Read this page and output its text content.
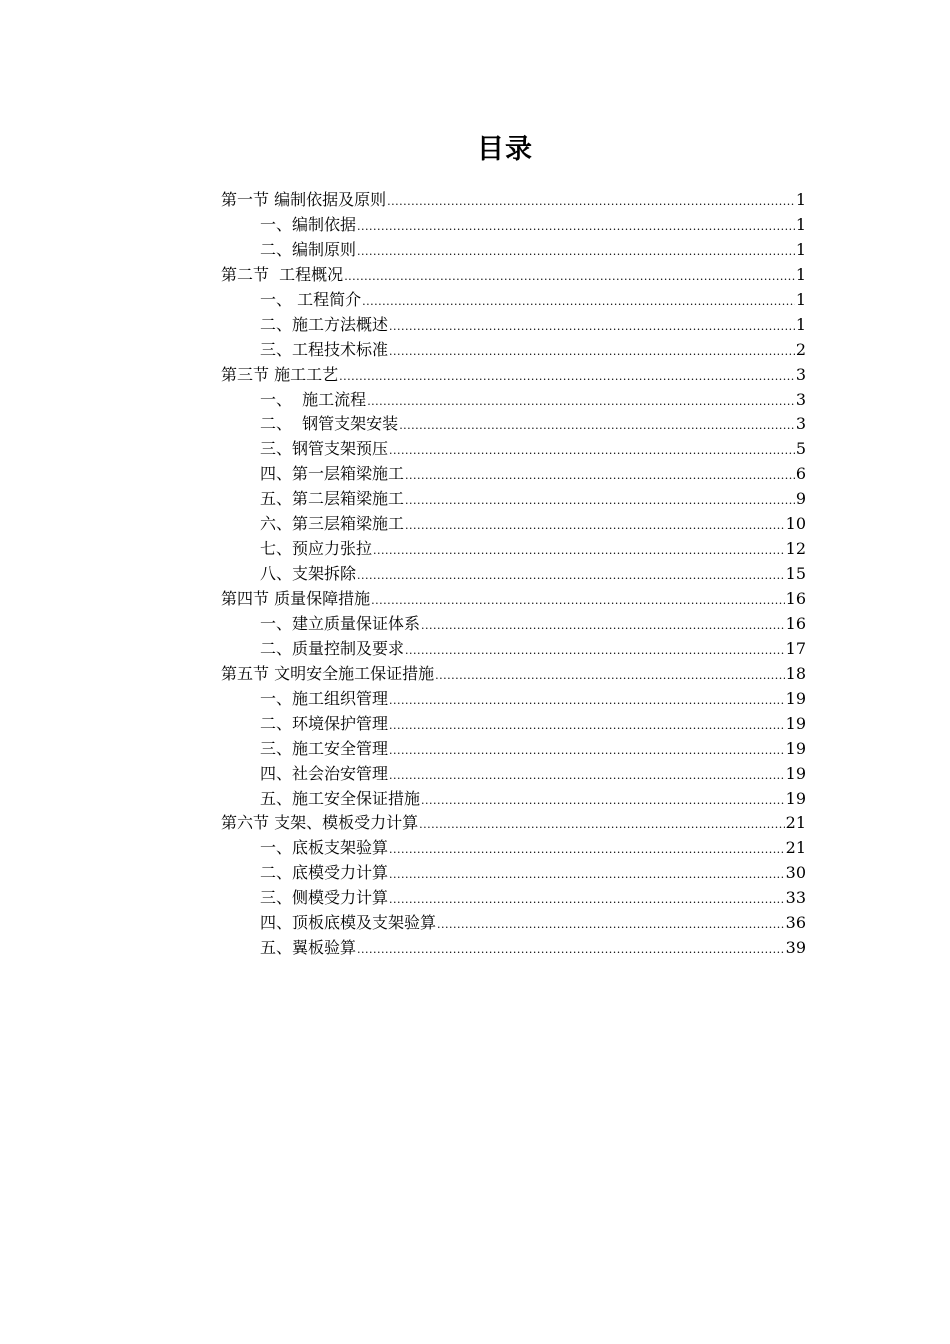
目录
第一节 编制依据及原则 .....	1
一、编制依据 .....	1
二、编制原则 .....	1
第二节  工程概况 .....	1
一、 工程简介 .....	1
二、施工方法概述 .....	1
三、工程技术标准 .....	2
第三节 施工工艺 .....	3
一、  施工流程 .....	3
二、  钢管支架安装 .....	3
三、钢管支架预压 .....	5
四、第一层箱梁施工 .....	6
五、第二层箱梁施工 .....	9
六、第三层箱梁施工 .....	10
七、预应力张拉 .....	12
八、支架拆除 .....	15
第四节 质量保障措施 .....	16
一、建立质量保证体系 .....	16
二、质量控制及要求 .....	17
第五节 文明安全施工保证措施 .....	18
一、施工组织管理 .....	19
二、环境保护管理 .....	19
三、施工安全管理 .....	19
四、社会治安管理 .....	19
五、施工安全保证措施 .....	19
第六节 支架、模板受力计算 .....	21
一、底板支架验算 .....	21
二、底模受力计算 .....	30
三、侧模受力计算 .....	33
四、顶板底模及支架验算 .....	36
五、翼板验算 .....	39
